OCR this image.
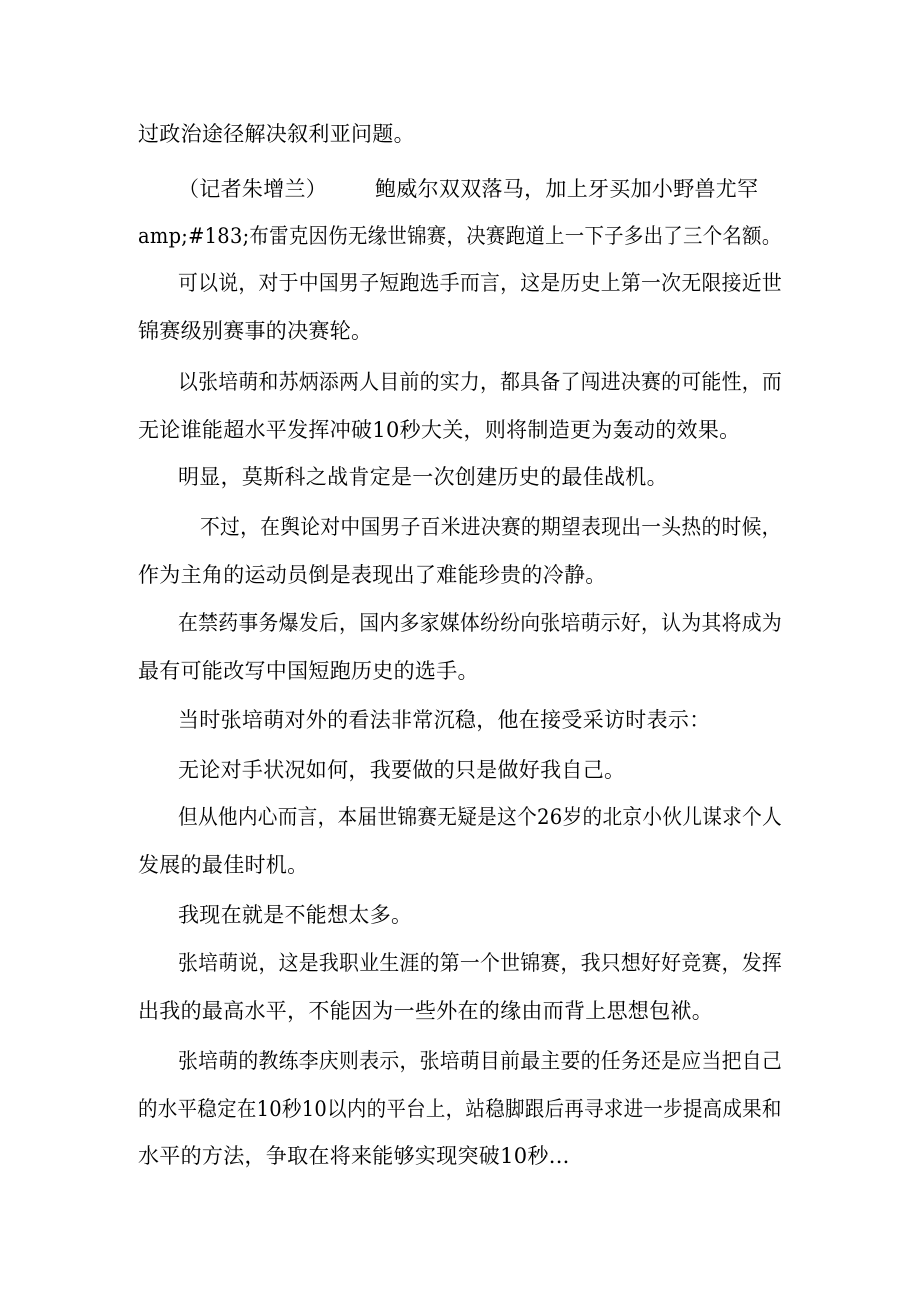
过政治途径解决叙利亚问题。
（记者朱增兰） 鲍威尔双双落马，加上牙买加小野兽尤罕
amp;#183;布雷克因伤无缘世锦赛，决赛跑道上一下子多出了三个名额。
可以说，对于中国男子短跑选手而言，这是历史上第一次无限接近世
锦赛级别赛事的决赛轮。
以张培萌和苏炳添两人目前的实力，都具备了闯进决赛的可能性，而
无论谁能超水平发挥冲破10秒大关，则将制造更为轰动的效果。
明显，莫斯科之战肯定是一次创建历史的最佳战机。
不过，在舆论对中国男子百米进决赛的期望表现出一头热的时候，
作为主角的运动员倒是表现出了难能珍贵的冷静。
在禁药事务爆发后，国内多家媒体纷纷向张培萌示好，认为其将成为
最有可能改写中国短跑历史的选手。
当时张培萌对外的看法非常沉稳，他在接受采访时表示：
无论对手状况如何，我要做的只是做好我自己。
但从他内心而言，本届世锦赛无疑是这个26岁的北京小伙儿谋求个人
发展的最佳时机。
我现在就是不能想太多。
张培萌说，这是我职业生涯的第一个世锦赛，我只想好好竞赛，发挥
出我的最高水平，不能因为一些外在的缘由而背上思想包袱。
张培萌的教练李庆则表示，张培萌目前最主要的任务还是应当把自己
的水平稳定在10秒10以内的平台上，站稳脚跟后再寻求进一步提高成果和
水平的方法，争取在将来能够实现突破10秒...
